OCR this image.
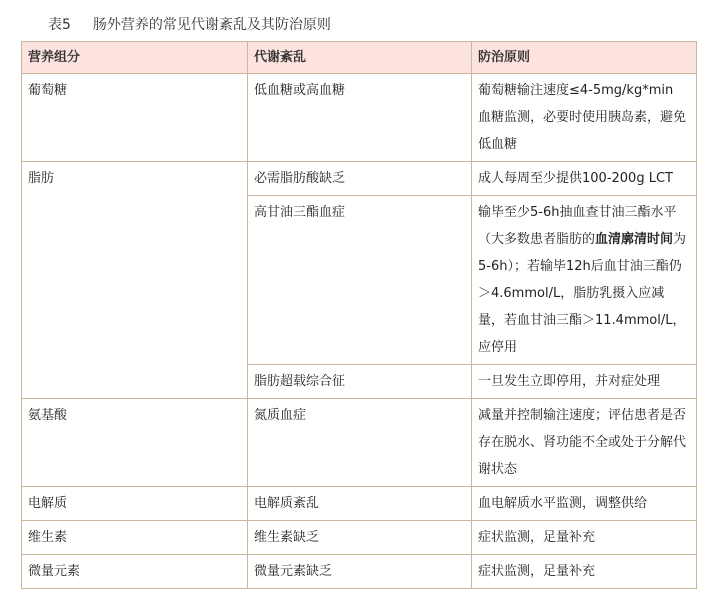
表5 肠外营养的常见代谢紊乱及其防治原则
营养组分	代谢紊乱	防治原则
葡萄糖	低血糖或高血糖	葡萄糖输注速度≤4-5mg/kg*min 血糖监测，必要时使用胰岛素，避免低血糖
脂肪	必需脂肪酸缺乏	成人每周至少提供100-200g LCT
	高甘油三酯血症	输毕至少5-6h抽血查甘油三酯水平（大多数患者脂肪的血清廓清时间为5-6h）；若输毕12h后血甘油三酯仍＞4.6mmol/L，脂肪乳摄入应减量，若血甘油三酯＞11.4mmol/L，应停用
	脂肪超载综合征	一旦发生立即停用，并对症处理
氨基酸	氮质血症	减量并控制输注速度；评估患者是否存在脱水、肾功能不全或处于分解代谢状态
电解质	电解质紊乱	血电解质水平监测，调整供给
维生素	维生素缺乏	症状监测，足量补充
微量元素	微量元素缺乏	症状监测，足量补充
